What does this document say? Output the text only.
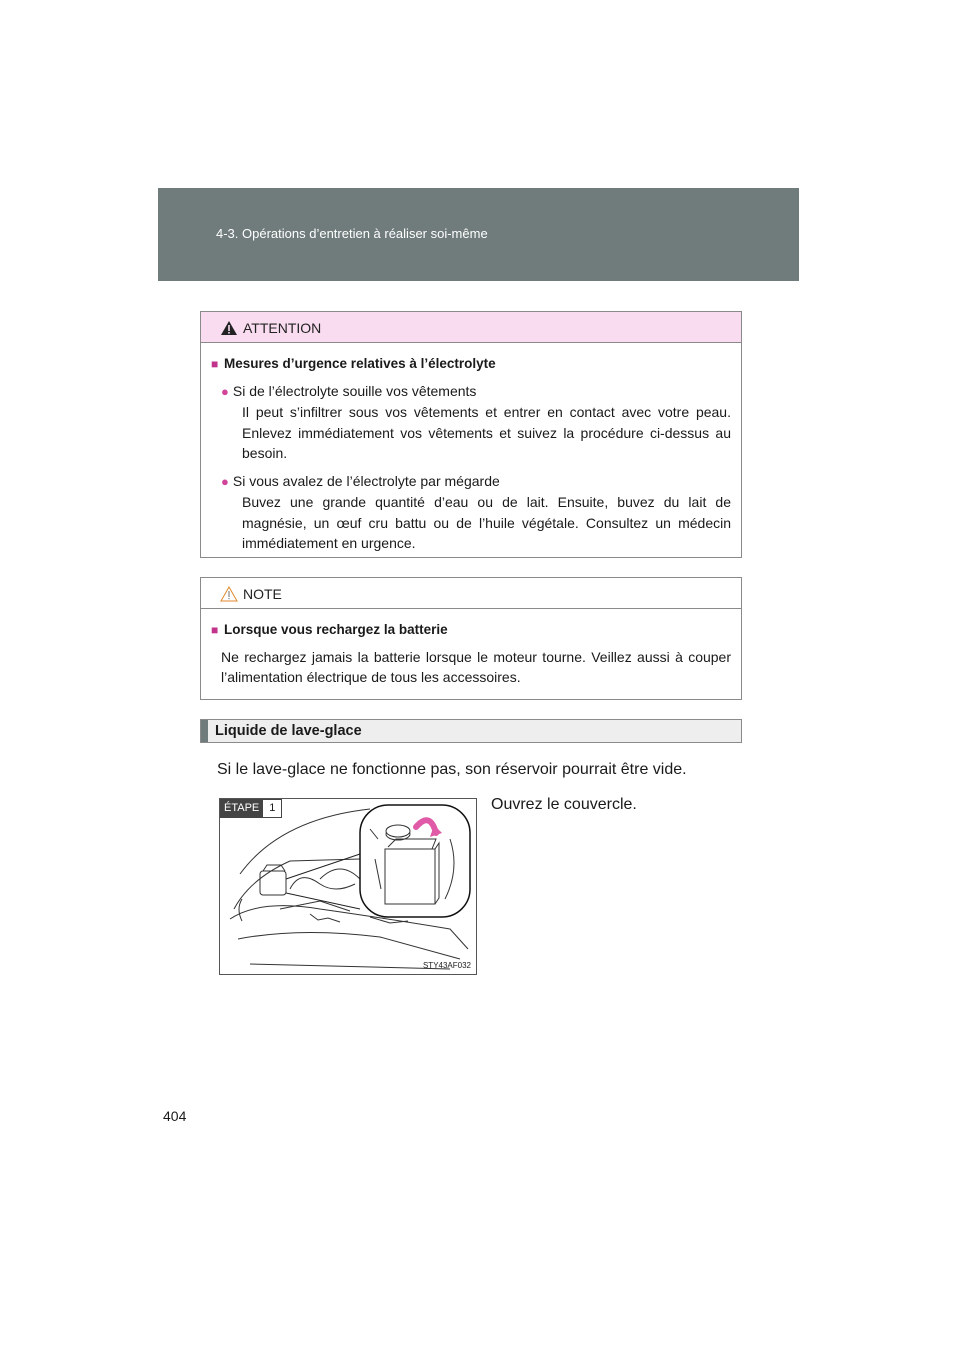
4-3. Opérations d’entretien à réaliser soi-même
ATTENTION
■ Mesures d’urgence relatives à l’électrolyte
● Si de l’électrolyte souille vos vêtements
Il peut s’infiltrer sous vos vêtements et entrer en contact avec votre peau. Enlevez immédiatement vos vêtements et suivez la procédure ci-dessus au besoin.
● Si vous avalez de l’électrolyte par mégarde
Buvez une grande quantité d’eau ou de lait. Ensuite, buvez du lait de magnésie, un œuf cru battu ou de l’huile végétale. Consultez un médecin immédiatement en urgence.
NOTE
■ Lorsque vous rechargez la batterie
Ne rechargez jamais la batterie lorsque le moteur tourne. Veillez aussi à couper l’alimentation électrique de tous les accessoires.
Liquide de lave-glace
Si le lave-glace ne fonctionne pas, son réservoir pourrait être vide.
ÉTAPE 1
STY43AF032
Ouvrez le couvercle.
404
